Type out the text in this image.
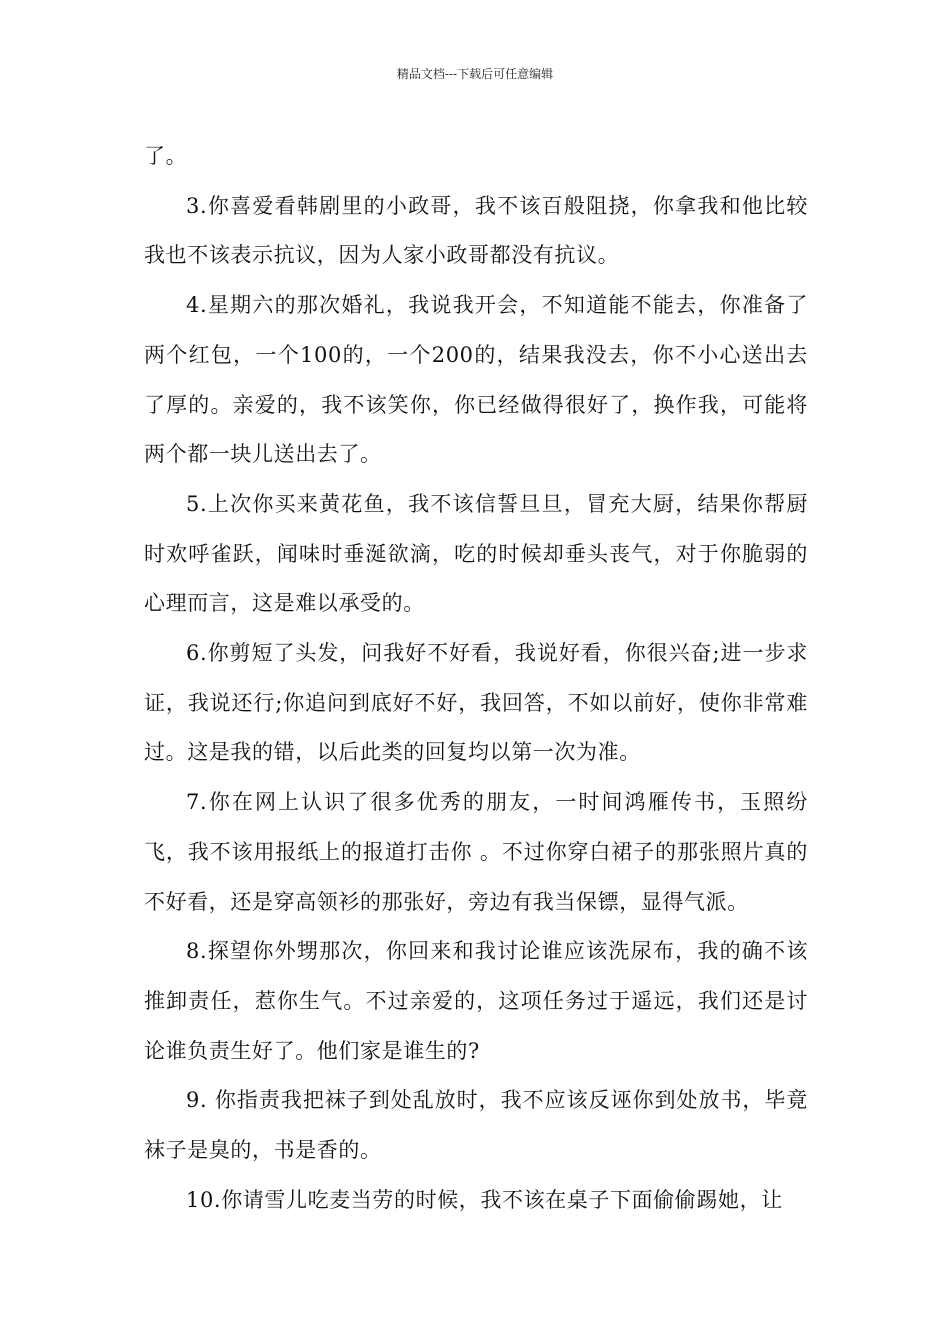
精品文档---下载后可任意编辑

了。

3.你喜爱看韩剧里的小政哥，我不该百般阻挠，你拿我和他比较我也不该表示抗议，因为人家小政哥都没有抗议。

4.星期六的那次婚礼，我说我开会，不知道能不能去，你准备了两个红包，一个100的，一个200的，结果我没去，你不小心送出去了厚的。亲爱的，我不该笑你，你已经做得很好了，换作我，可能将两个都一块儿送出去了。

5.上次你买来黄花鱼，我不该信誓旦旦，冒充大厨，结果你帮厨时欢呼雀跃，闻味时垂涎欲滴，吃的时候却垂头丧气，对于你脆弱的心理而言，这是难以承受的。

6.你剪短了头发，问我好不好看，我说好看，你很兴奋;进一步求证，我说还行;你追问到底好不好，我回答，不如以前好，使你非常难过。这是我的错，以后此类的回复均以第一次为准。

7.你在网上认识了很多优秀的朋友，一时间鸿雁传书，玉照纷飞，我不该用报纸上的报道打击你 。不过你穿白裙子的那张照片真的不好看，还是穿高领衫的那张好，旁边有我当保镖，显得气派。

8.探望你外甥那次，你回来和我讨论谁应该洗尿布，我的确不该推卸责任，惹你生气。不过亲爱的，这项任务过于遥远，我们还是讨论谁负责生好了。他们家是谁生的?

9. 你指责我把袜子到处乱放时，我不应该反诬你到处放书，毕竟袜子是臭的，书是香的。

10.你请雪儿吃麦当劳的时候，我不该在桌子下面偷偷踢她，让
